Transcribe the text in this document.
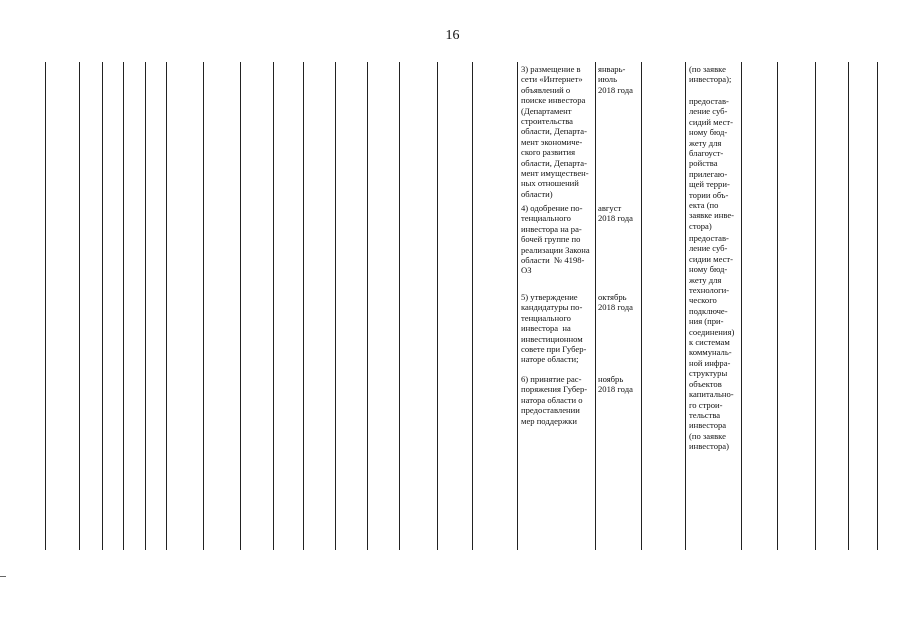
16
3) размещение в
сети «Интернет»
объявлений о
поиске инвестора
(Департамент
строительства
области, Департа-
мент экономиче-
ского развития
области, Департа-
мент имуществен-
ных отношений
области)
4) одобрение по-
тенциального
инвестора на ра-
бочей группе по
реализации Закона
области  № 4198-
ОЗ
5) утверждение
кандидатуры по-
тенциального
инвестора  на
инвестиционном
совете при Губер-
наторе области;
6) принятие рас-
поряжения Губер-
натора области о
предоставлении
мер поддержки
январь-
июль
2018 года
август
2018 года
октябрь
2018 года
ноябрь
2018 года
(по заявке
инвестора);
предостав-
ление суб-
сидий мест-
ному бюд-
жету для
благоуст-
ройства
прилегаю-
щей терри-
тории объ-
екта (по
заявке инве-
стора)
предостав-
ление суб-
сидии мест-
ному бюд-
жету для
технологи-
ческого
подключе-
ния (при-
соединения)
к системам
коммуналь-
ной инфра-
структуры
объектов
капитально-
го строи-
тельства
инвестора
(по заявке
инвестора)
